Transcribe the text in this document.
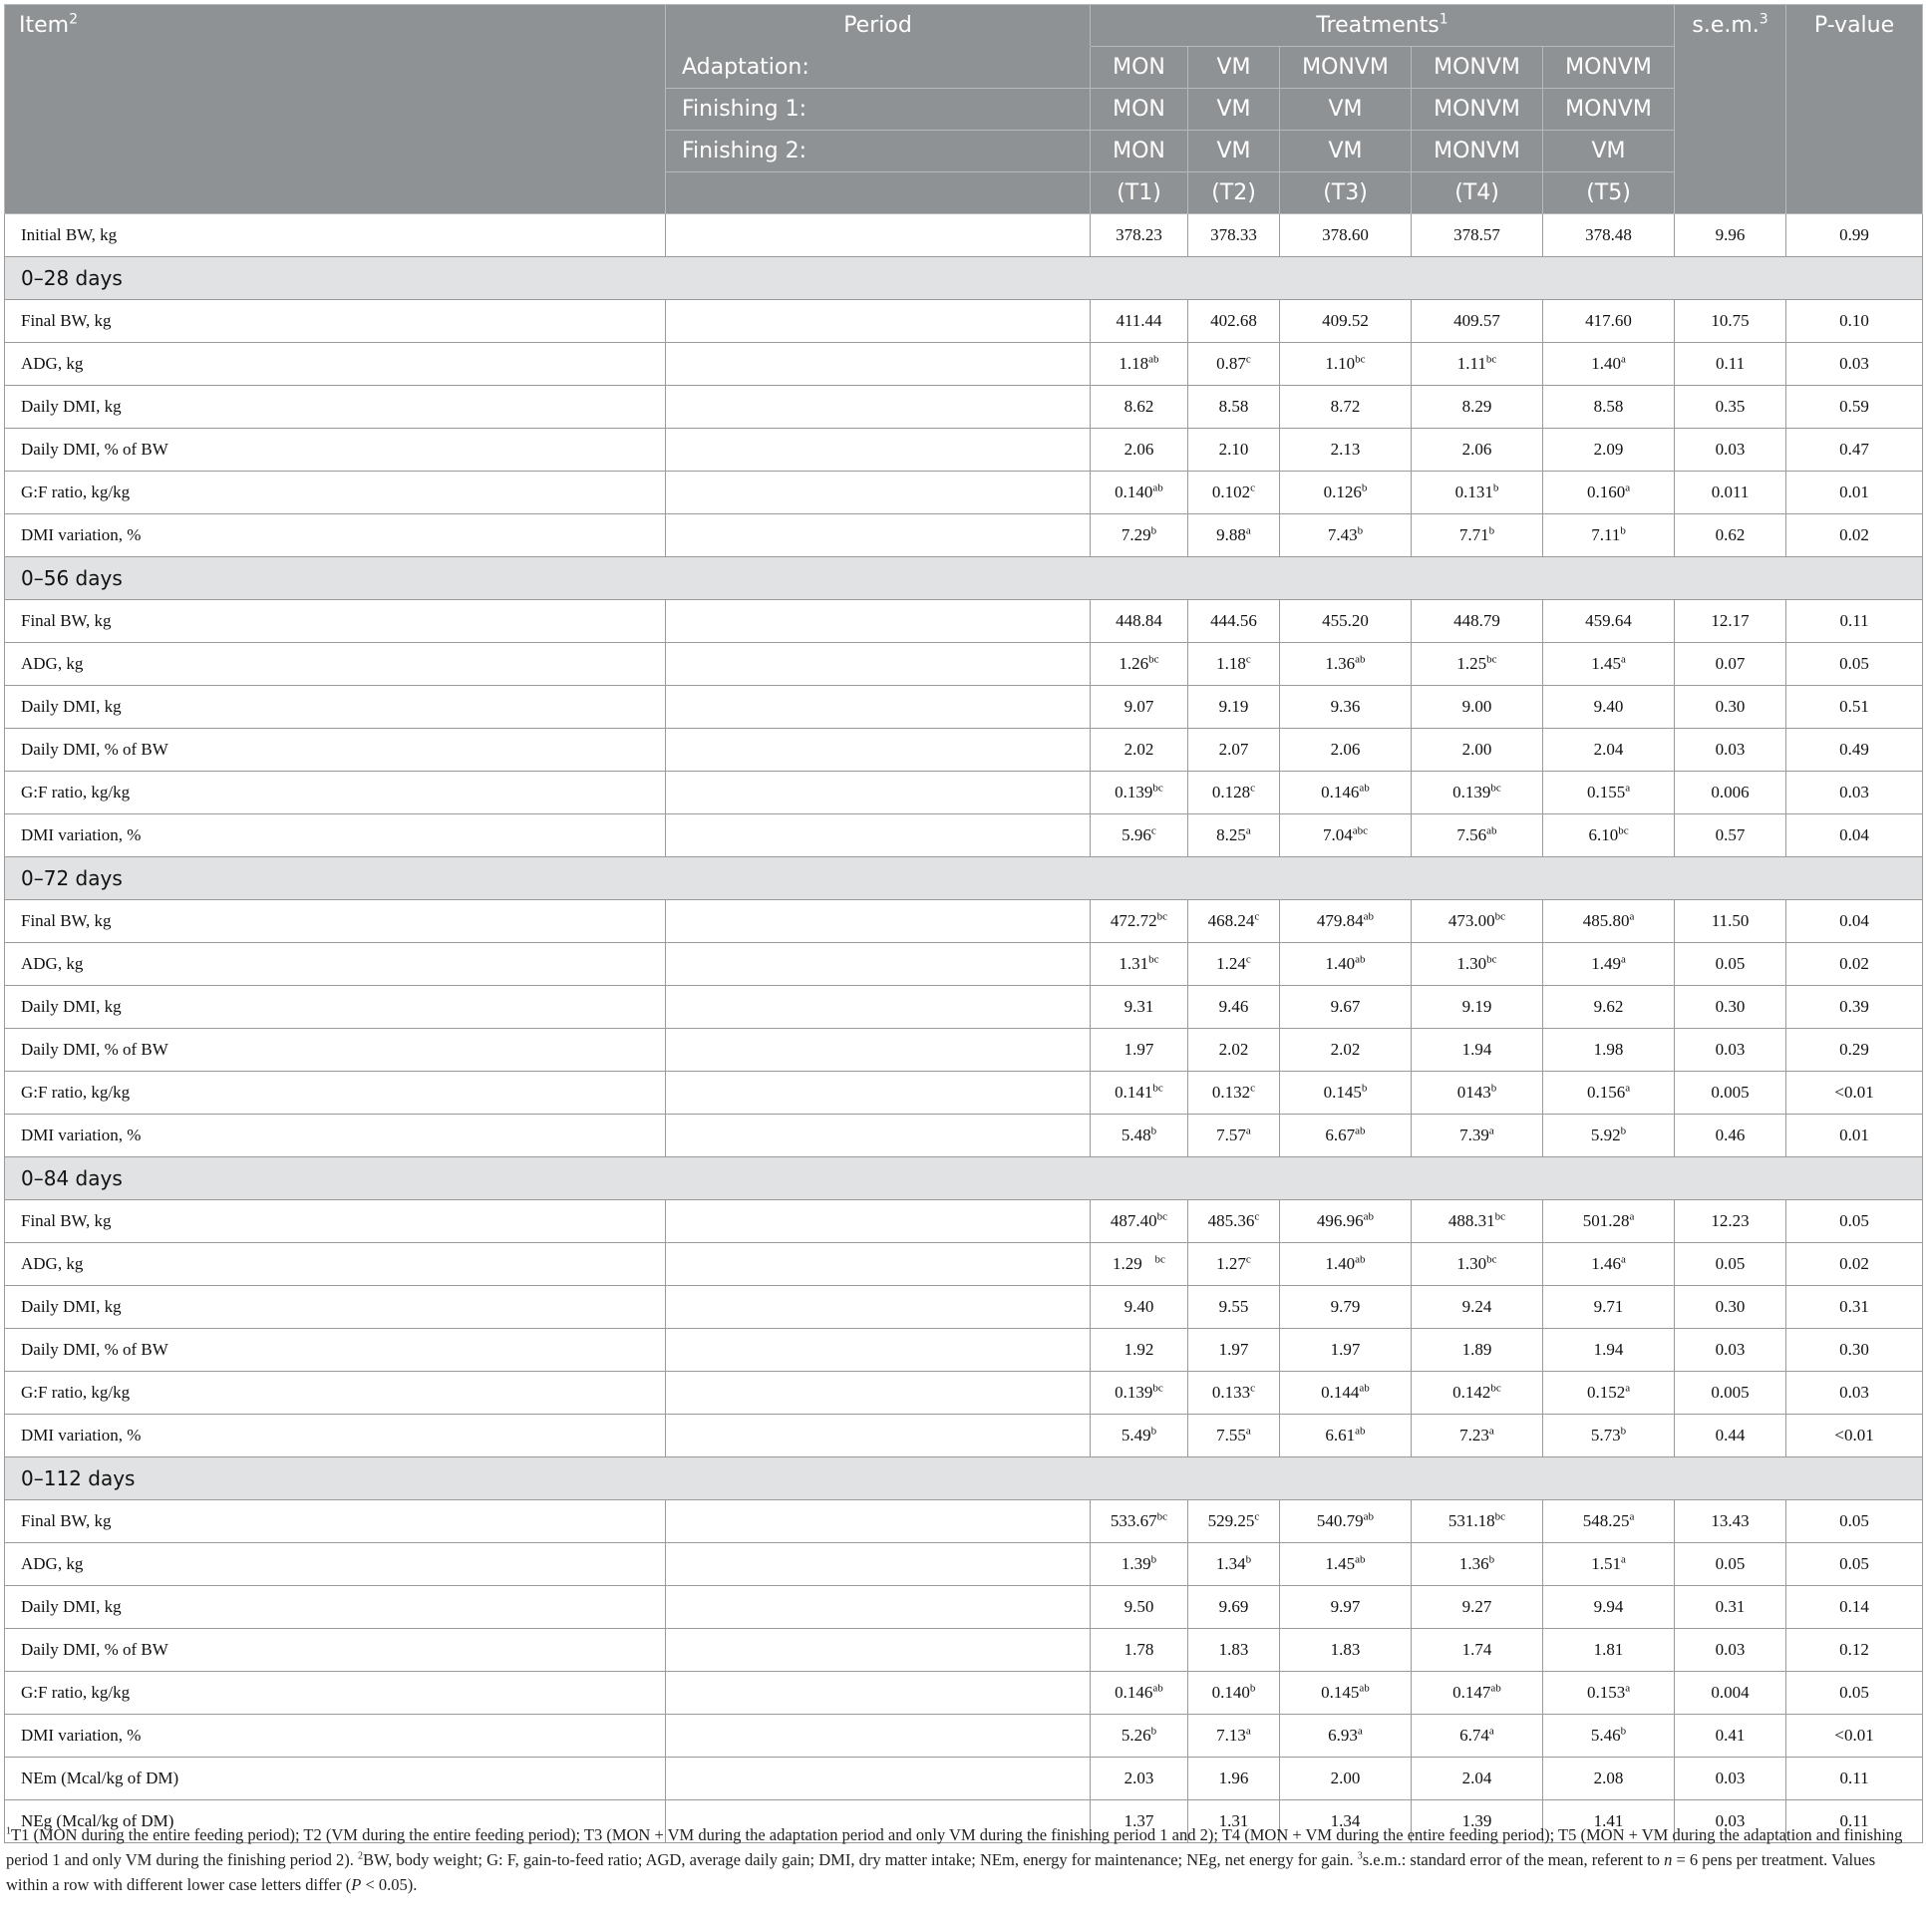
Item$^2$	Period	Treatments$^1$					s.e.m.$^3$	P-value
	Adaptation:	MON	VM	MONVM	MONVM	MONVM		
	Finishing 1:	MON	VM	VM	MONVM	MONVM		
	Finishing 2:	MON	VM	VM	MONVM	VM		
		(T1)	(T2)	(T3)	(T4)	(T5)		
Initial BW, kg		378.23	378.33	378.60	378.57	378.48	9.96	0.99
0–28 days								
Final BW, kg		411.44	402.68	409.52	409.57	417.60	10.75	0.10
ADG, kg		1.18$^{ab}$	0.87$^c$	1.10$^{bc}$	1.11$^{bc}$	1.40$^a$	0.11	0.03
Daily DMI, kg		8.62	8.58	8.72	8.29	8.58	0.35	0.59
Daily DMI, % of BW		2.06	2.10	2.13	2.06	2.09	0.03	0.47
G:F ratio, kg/kg		0.140$^{ab}$	0.102$^c$	0.126$^b$	0.131$^b$	0.160$^a$	0.011	0.01
DMI variation, %		7.29$^b$	9.88$^a$	7.43$^b$	7.71$^b$	7.11$^b$	0.62	0.02
0–56 days								
Final BW, kg		448.84	444.56	455.20	448.79	459.64	12.17	0.11
ADG, kg		1.26$^{bc}$	1.18$^c$	1.36$^{ab}$	1.25$^{bc}$	1.45$^a$	0.07	0.05
Daily DMI, kg		9.07	9.19	9.36	9.00	9.40	0.30	0.51
Daily DMI, % of BW		2.02	2.07	2.06	2.00	2.04	0.03	0.49
G:F ratio, kg/kg		0.139$^{bc}$	0.128$^c$	0.146$^{ab}$	0.139$^{bc}$	0.155$^a$	0.006	0.03
DMI variation, %		5.96$^c$	8.25$^a$	7.04$^{abc}$	7.56$^{ab}$	6.10$^{bc}$	0.57	0.04
0–72 days								
Final BW, kg		472.72$^{bc}$	468.24$^c$	479.84$^{ab}$	473.00$^{bc}$	485.80$^a$	11.50	0.04
ADG, kg		1.31$^{bc}$	1.24$^c$	1.40$^{ab}$	1.30$^{bc}$	1.49$^a$	0.05	0.02
Daily DMI, kg		9.31	9.46	9.67	9.19	9.62	0.30	0.39
Daily DMI, % of BW		1.97	2.02	2.02	1.94	1.98	0.03	0.29
G:F ratio, kg/kg		0.141$^{bc}$	0.132$^c$	0.145$^b$	0143$^b$	0.156$^a$	0.005	<0.01
DMI variation, %		5.48$^b$	7.57$^a$	6.67$^{ab}$	7.39$^a$	5.92$^b$	0.46	0.01
0–84 days								
Final BW, kg		487.40$^{bc}$	485.36$^c$	496.96$^{ab}$	488.31$^{bc}$	501.28$^a$	12.23	0.05
ADG, kg		1.29   $^{bc}$	1.27$^c$	1.40$^{ab}$	1.30$^{bc}$	1.46$^a$	0.05	0.02
Daily DMI, kg		9.40	9.55	9.79	9.24	9.71	0.30	0.31
Daily DMI, % of BW		1.92	1.97	1.97	1.89	1.94	0.03	0.30
G:F ratio, kg/kg		0.139$^{bc}$	0.133$^c$	0.144$^{ab}$	0.142$^{bc}$	0.152$^a$	0.005	0.03
DMI variation, %		5.49$^b$	7.55$^a$	6.61$^{ab}$	7.23$^a$	5.73$^b$	0.44	<0.01
0–112 days								
Final BW, kg		533.67$^{bc}$	529.25$^c$	540.79$^{ab}$	531.18$^{bc}$	548.25$^a$	13.43	0.05
ADG, kg		1.39$^b$	1.34$^b$	1.45$^{ab}$	1.36$^b$	1.51$^a$	0.05	0.05
Daily DMI, kg		9.50	9.69	9.97	9.27	9.94	0.31	0.14
Daily DMI, % of BW		1.78	1.83	1.83	1.74	1.81	0.03	0.12
G:F ratio, kg/kg		0.146$^{ab}$	0.140$^b$	0.145$^{ab}$	0.147$^{ab}$	0.153$^a$	0.004	0.05
DMI variation, %		5.26$^b$	7.13$^a$	6.93$^a$	6.74$^a$	5.46$^b$	0.41	<0.01
NEm (Mcal/kg of DM)		2.03	1.96	2.00	2.04	2.08	0.03	0.11
NEg (Mcal/kg of DM)		1.37	1.31	1.34	1.39	1.41	0.03	0.11
$^1$T1 (MON during the entire feeding period); T2 (VM during the entire feeding period); T3 (MON + VM during the adaptation period and only VM during the finishing period 1 and 2); T4 (MON + VM during the entire feeding period); T5 (MON + VM during the adaptation and finishing period 1 and only VM during the finishing period 2). $^2$BW, body weight; G: F, gain-to-feed ratio; AGD, average daily gain; DMI, dry matter intake; NEm, energy for maintenance; NEg, net energy for gain. $^3$s.e.m.: standard error of the mean, referent to n = 6 pens per treatment. Values within a row with different lower case letters differ (P < 0.05).
